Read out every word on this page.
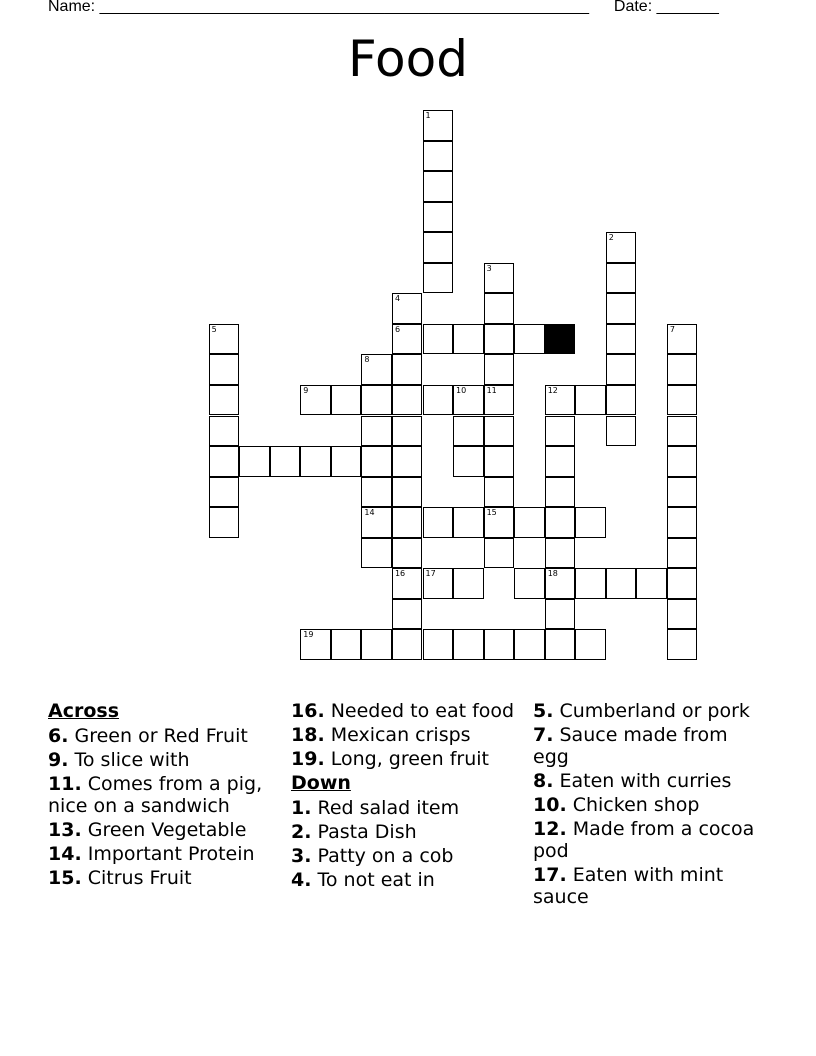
Name: _______________________________________________________ Date: _______
Food
1
2
3
11
15
4
6
5	7
8
14
9	10	12
18
16	17
19
Across
6. Green or Red Fruit
9. To slice with
11. Comes from a pig, nice on a sandwich
13. Green Vegetable
14. Important Protein
15. Citrus Fruit
16. Needed to eat food
18. Mexican crisps
19. Long, green fruit
Down
1. Red salad item
2. Pasta Dish
3. Patty on a cob
4. To not eat in
5. Cumberland or pork
7. Sauce made from egg
8. Eaten with curries
10. Chicken shop
12. Made from a cocoa pod
17. Eaten with mint sauce
